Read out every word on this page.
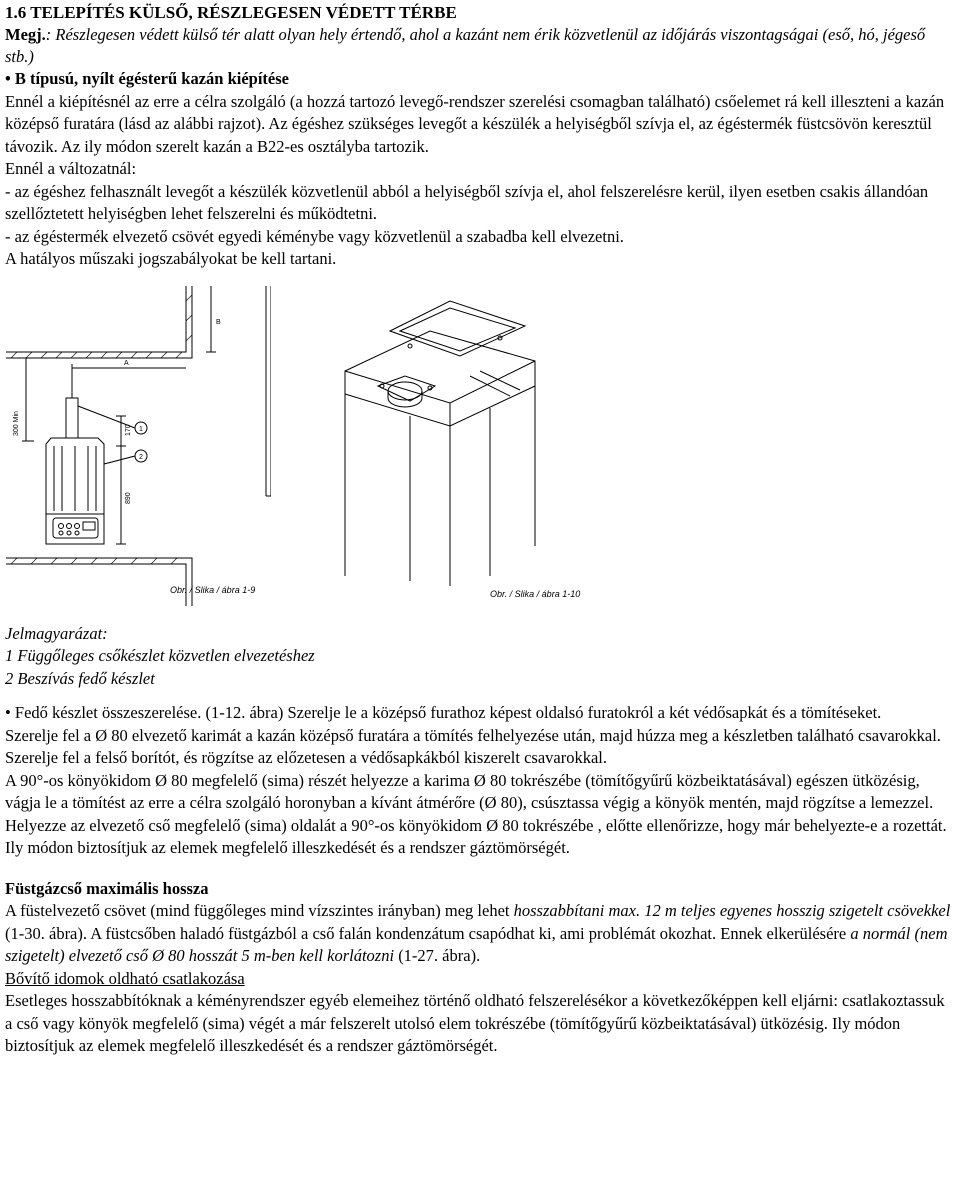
1.6 TELEPÍTÉS KÜLSŐ, RÉSZLEGESEN VÉDETT TÉRBE

Megj.: Részlegesen védett külső tér alatt olyan hely értendő, ahol a kazánt nem érik közvetlenül az időjárás viszontagságai (eső, hó, jégeső stb.)

• B típusú, nyílt égésterű kazán kiépítése

Ennél a kiépítésnél az erre a célra szolgáló (a hozzá tartozó levegő-rendszer szerelési csomagban található) csőelemet rá kell illeszteni a kazán középső furatára (lásd az alábbi rajzot). Az égéshez szükséges levegőt a készülék a helyiségből szívja el, az égéstermék füstcsövön keresztül távozik. Az ily módon szerelt kazán a B22-es osztályba tartozik.

Ennél a változatnál:

- az égéshez felhasznált levegőt a készülék közvetlenül abból a helyiségből szívja el, ahol felszerelésre kerül, ilyen esetben csakis állandóan szellőztetett helyiségben lehet felszerelni és működtetni.

- az égéstermék elvezető csövét egyedi kéménybe vagy közvetlenül a szabadba kell elvezetni.

A hatályos műszaki jogszabályokat be kell tartani.

B
A
300 Min	170
890
1
2
Obr. / Slika / ábra 1-9	Obr. / Slika / ábra 1-10

Jelmagyarázat:

1 Függőleges csőkészlet közvetlen elvezetéshez

2 Beszívás fedő készlet

• Fedő készlet összeszerelése. (1-12. ábra) Szerelje le a középső furathoz képest oldalsó furatokról a két védősapkát és a tömítéseket.

Szerelje fel a Ø 80 elvezető karimát a kazán középső furatára a tömítés felhelyezése után, majd húzza meg a készletben található csavarokkal.

Szerelje fel a felső borítót, és rögzítse az előzetesen a védősapkákból kiszerelt csavarokkal.

A 90°-os könyökidom Ø 80 megfelelő (sima) részét helyezze a karima Ø 80 tokrészébe (tömítőgyűrű közbeiktatásával) egészen ütközésig, vágja le a tömítést az erre a célra szolgáló horonyban a kívánt átmérőre (Ø 80), csúsztassa végig a könyök mentén, majd rögzítse a lemezzel.

Helyezze az elvezető cső megfelelő (sima) oldalát a 90°-os könyökidom Ø 80 tokrészébe , előtte ellenőrizze, hogy már behelyezte-e a rozettát.

Ily módon biztosítjuk az elemek megfelelő illeszkedését és a rendszer gáztömörségét.

Füstgázcső maximális hossza

A füstelvezető csövet (mind függőleges mind vízszintes irányban) meg lehet hosszabbítani max. 12 m teljes egyenes hosszig szigetelt csövekkel (1-30. ábra). A füstcsőben haladó füstgázból a cső falán kondenzátum csapódhat ki, ami problémát okozhat. Ennek elkerülésére a normál (nem szigetelt) elvezető cső Ø 80 hosszát 5 m-ben kell korlátozni (1-27. ábra).

Bővítő idomok oldható csatlakozása

Esetleges hosszabbítóknak a kéményrendszer egyéb elemeihez történő oldható felszerelésékor a következőképpen kell eljárni: csatlakoztassuk a cső vagy könyök megfelelő (sima) végét a már felszerelt utolsó elem tokrészébe (tömítőgyűrű közbeiktatásával) ütközésig. Ily módon biztosítjuk az elemek megfelelő illeszkedését és a rendszer gáztömörségét.
